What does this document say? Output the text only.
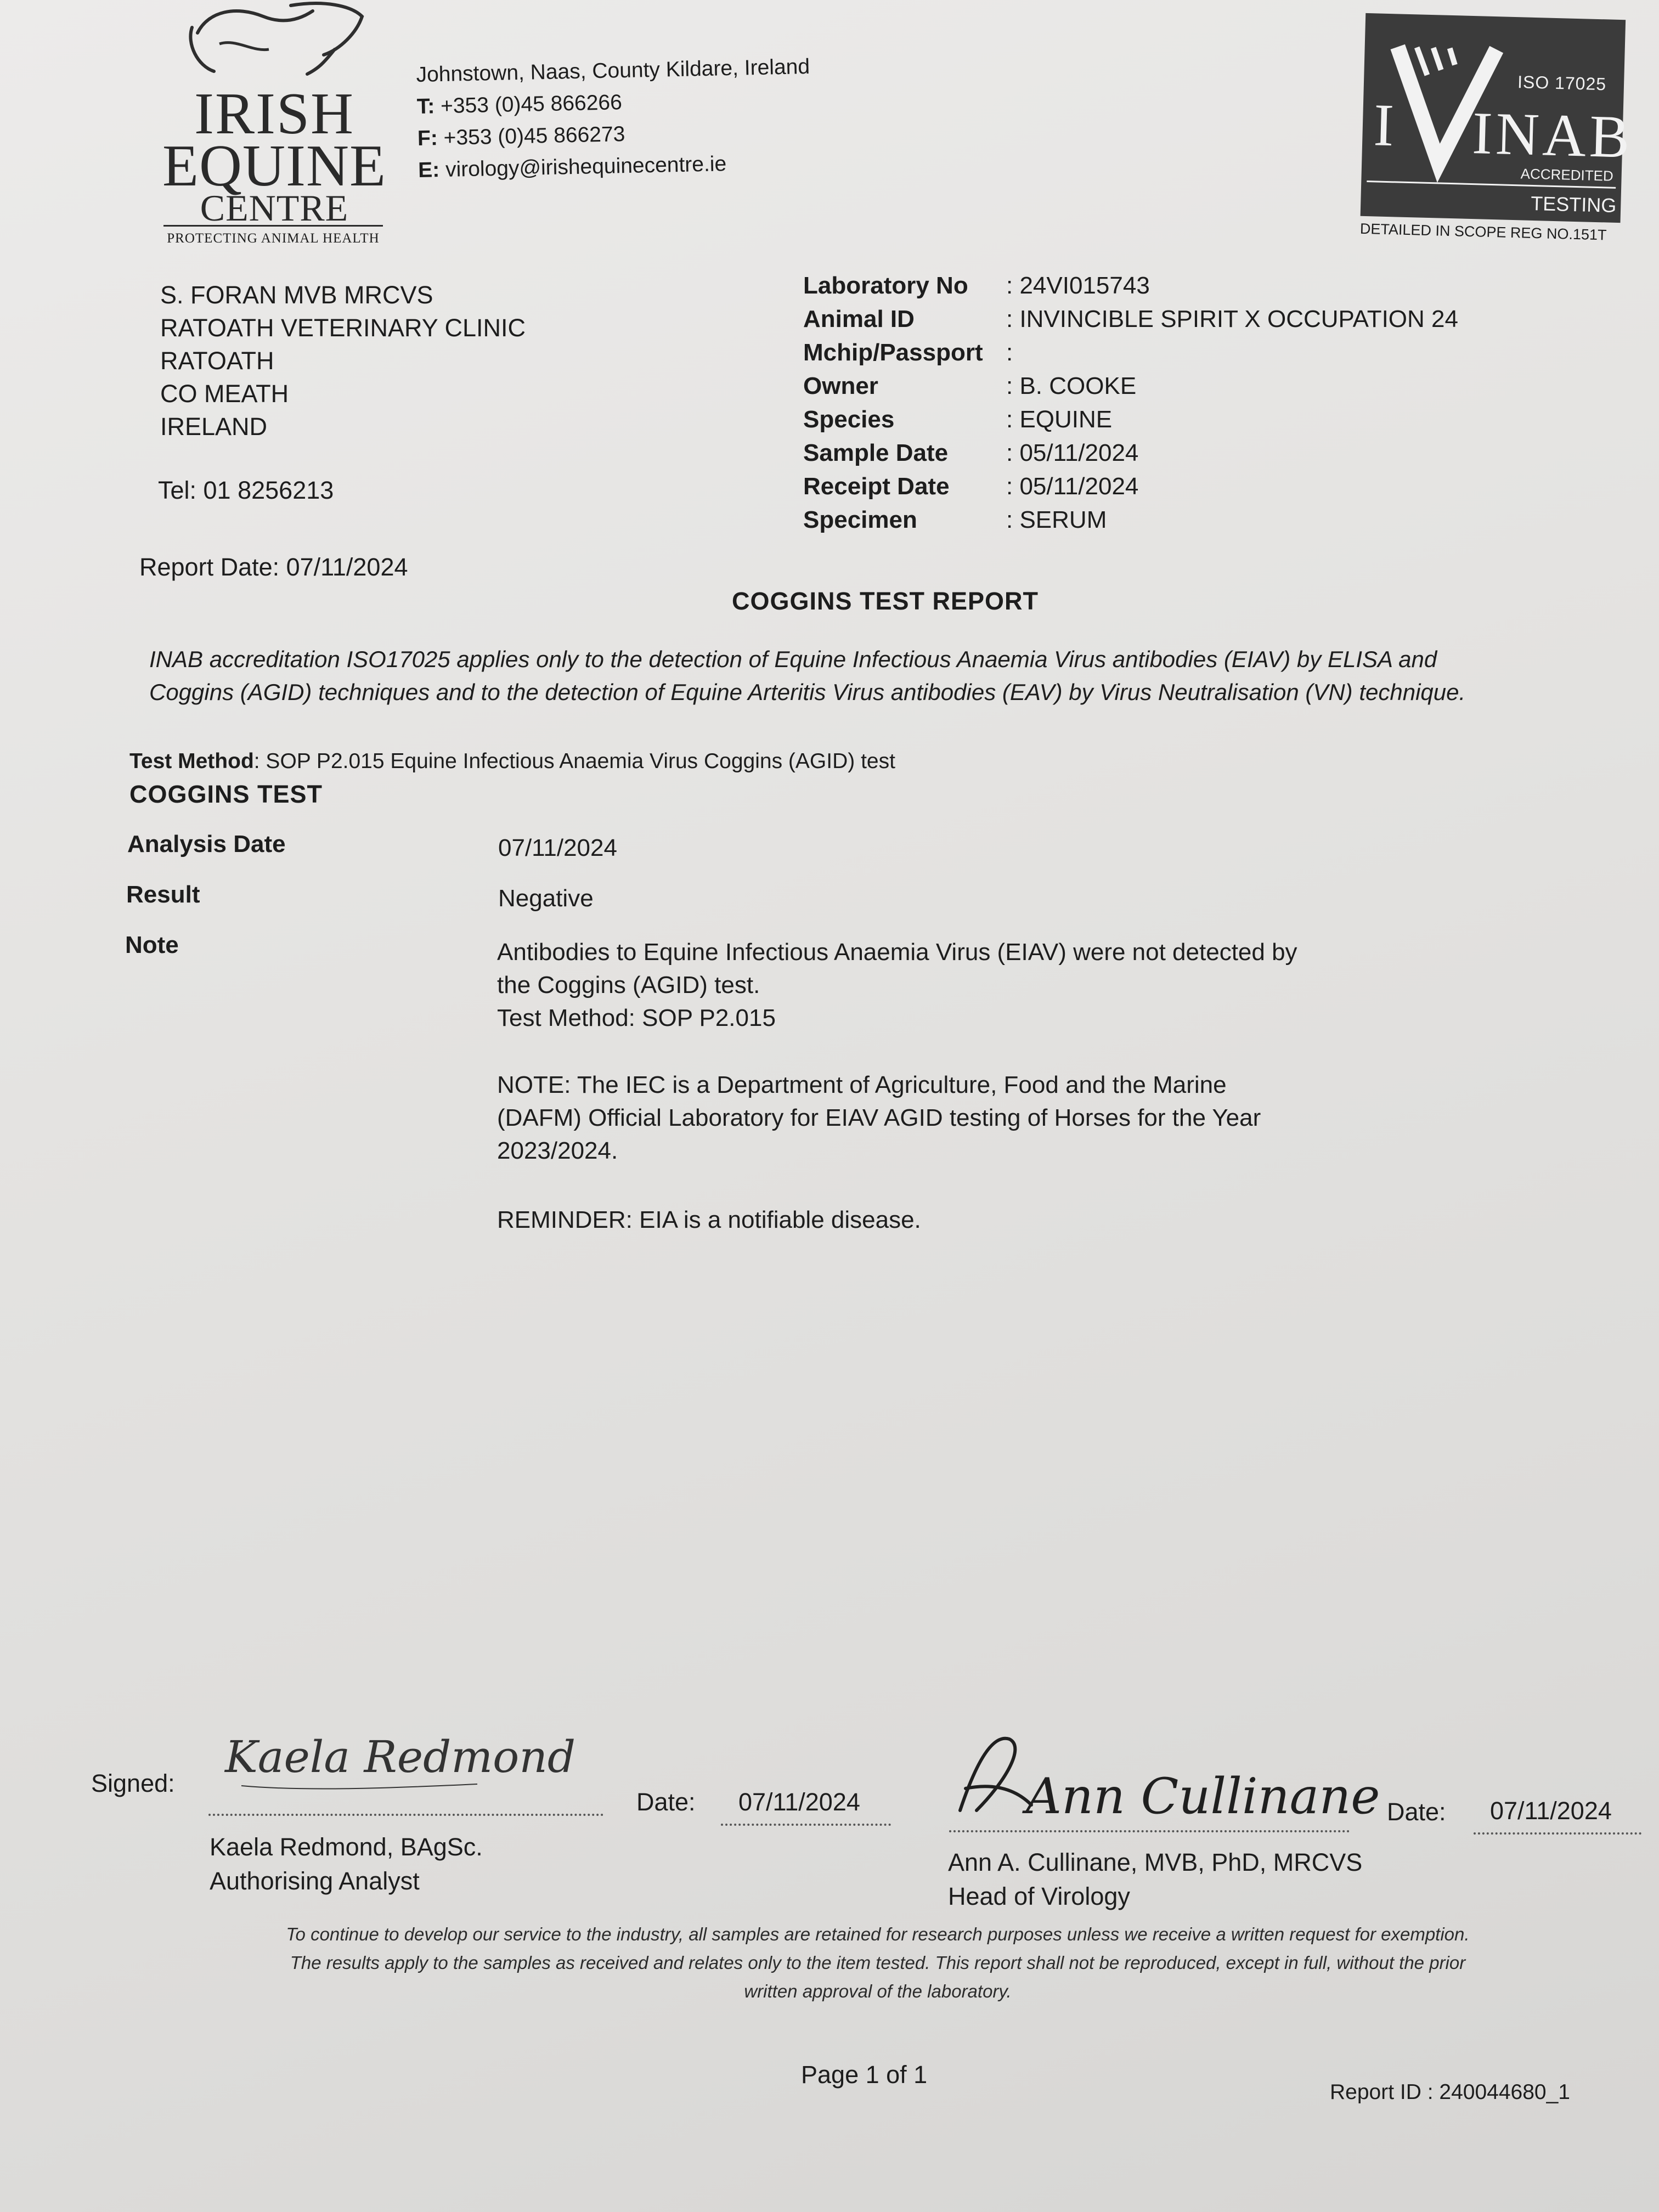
IRISH
EQUINE
CENTRE
PROTECTING ANIMAL HEALTH
Johnstown, Naas, County Kildare, Ireland
T: +353 (0)45 866266
F: +353 (0)45 866273
E: virology@irishequinecentre.ie
I
ISO 17025
INAB
ACCREDITED
TESTING
DETAILED IN SCOPE REG NO.151T
S. FORAN MVB MRCVS
RATOATH VETERINARY CLINIC
RATOATH
CO MEATH
IRELAND
Tel: 01 8256213
Laboratory No	: 24VI015743
Animal ID	: INVINCIBLE SPIRIT X OCCUPATION 24
Mchip/Passport :
Owner	: B. COOKE
Species	: EQUINE
Sample Date	: 05/11/2024
Receipt Date	: 05/11/2024
Specimen	: SERUM
Report Date: 07/11/2024
COGGINS TEST REPORT
INAB accreditation ISO17025 applies only to the detection of Equine Infectious Anaemia Virus antibodies (EIAV) by ELISA and Coggins (AGID) techniques and to the detection of Equine Arteritis Virus antibodies (EAV) by Virus Neutralisation (VN) technique.
Test Method: SOP P2.015 Equine Infectious Anaemia Virus Coggins (AGID) test
COGGINS TEST
Analysis Date	07/11/2024
Result	Negative
Note	Antibodies to Equine Infectious Anaemia Virus (EIAV) were not detected by
the Coggins (AGID) test.
Test Method: SOP P2.015
NOTE: The IEC is a Department of Agriculture, Food and the Marine
(DAFM) Official Laboratory for EIAV AGID testing of Horses for the Year
2023/2024.
REMINDER: EIA is a notifiable disease.
Signed:
Kaela Redmond
Kaela Redmond, BAgSc.
Authorising Analyst
Date: 07/11/2024	Ann Cullinane
Ann A. Cullinane, MVB, PhD, MRCVS
Head of Virology
Date: 07/11/2024
To continue to develop our service to the industry, all samples are retained for research purposes unless we receive a written request for exemption.
The results apply to the samples as received and relates only to the item tested. This report shall not be reproduced, except in full, without the prior
written approval of the laboratory.
Page 1 of 1
Report ID : 240044680_1
